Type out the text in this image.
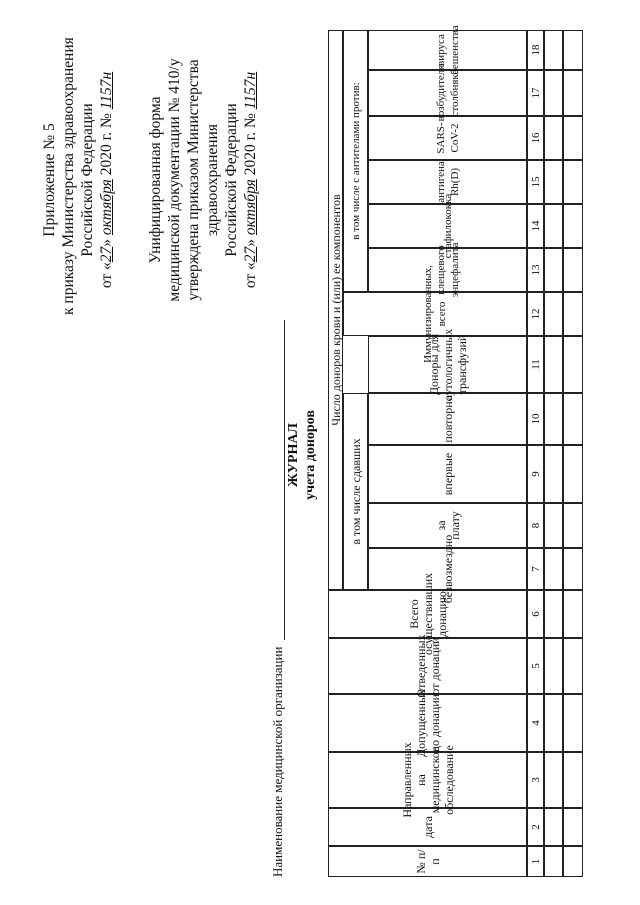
Приложение № 5 к приказу Министерства здравоохранения Российской Федерации
от «27» октября 2020 г. № 1157н
Унифицированная форма медицинской документации № 410/у утверждена приказом Министерства здравоохранения Российской Федерации
от «27» октября 2020 г. № 1157н
Наименование медицинской организации
ЖУРНАЛ учета доноров
№ п/п
дата
Направленных на медицинское обследование
Допущенных до донации
Отведенных от донации
Всего осуществивших донацию
Число доноров крови и (или) ее компонентов
в том числе сдавших
в том числе с антителами против:
Иммунизированных, всего
безвозмездно
за плату
впервые
повторно
Доноры для аутологичных трансфузий
клещевого энцефалита
стафилококка
антигена Rh(D)
SARS-CoV-2
возбудителя столбняка
вируса бешенства
1
2
3
4
5
6
7
8
9
10
11
12
13
14
15
16
17
18
